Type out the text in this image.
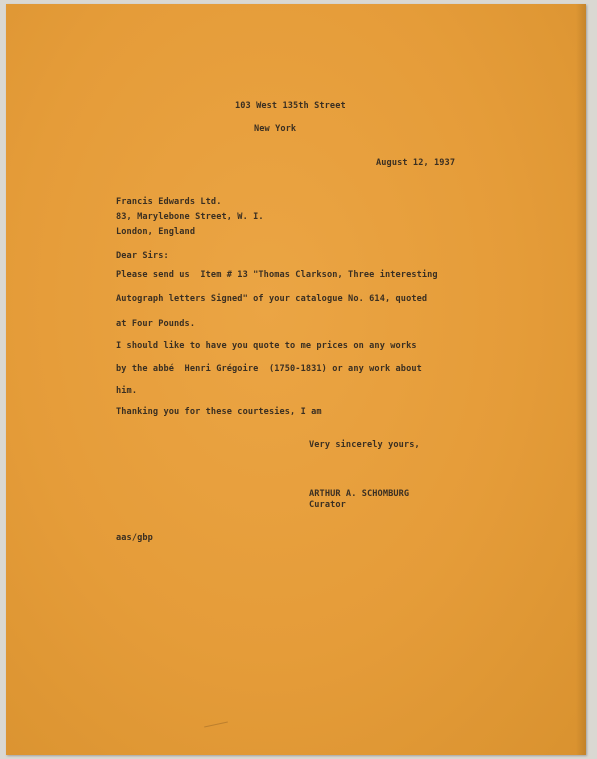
103 West 135th Street

New York

August 12, 1937

Francis Edwards Ltd.

83, Marylebone Street, W. I.

London, England

Dear Sirs:

Please send us  Item # 13 "Thomas Clarkson, Three interesting

Autograph letters Signed" of your catalogue No. 614, quoted

at Four Pounds.

I should like to have you quote to me prices on any works

by the abbé  Henri Grégoire  (1750-1831) or any work about

him.

Thanking you for these courtesies, I am

Very sincerely yours,

ARTHUR A. SCHOMBURG

Curator

aas/gbp
